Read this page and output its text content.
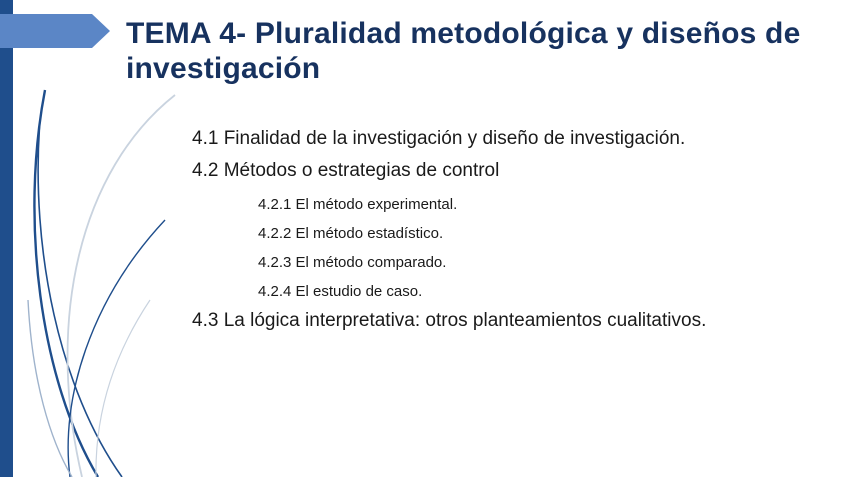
TEMA 4- Pluralidad metodológica y diseños de investigación
4.1 Finalidad de la investigación y diseño de investigación.
4.2 Métodos o estrategias de control
4.2.1 El método experimental.
4.2.2 El método estadístico.
4.2.3 El método comparado.
4.2.4 El estudio de caso.
4.3 La lógica interpretativa: otros planteamientos cualitativos.
